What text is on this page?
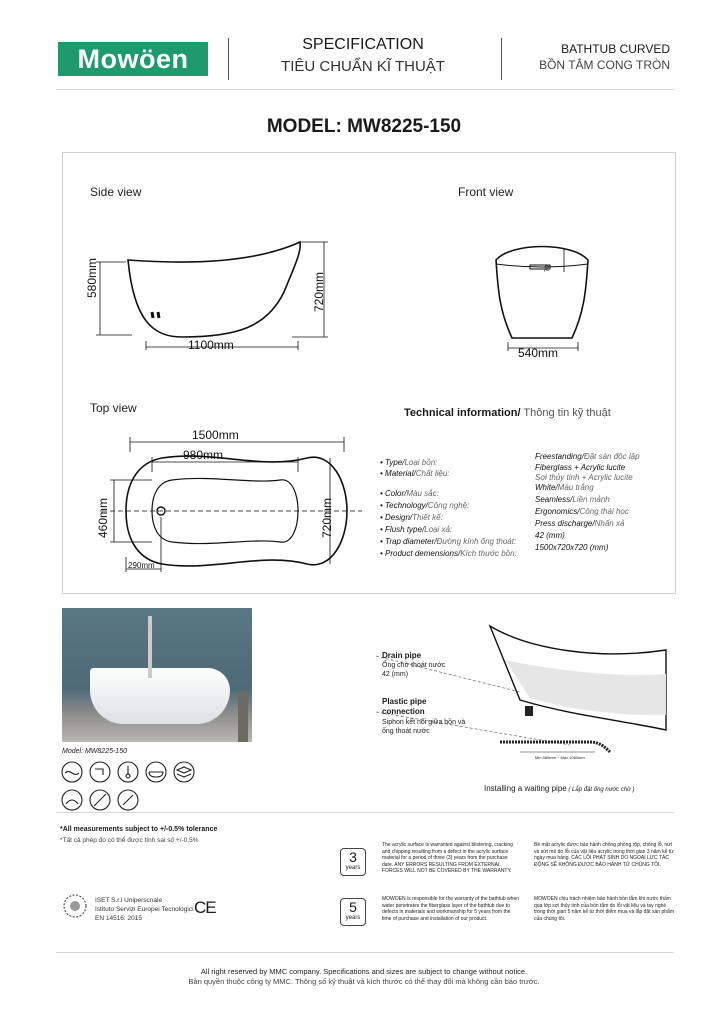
Mowöen	SPECIFICATION
TIÊU CHUẨN KĨ THUẬT
BATHTUB CURVED
BỒN TẮM CONG TRÒN
MODEL: MW8225-150
Side view	Front view
Top view
580mm	720mm
1100mm
70
540mm
1500mm
980mm
460mm	720mm
290mm
Technical information/ Thông tin kỹ thuật
• Type/Loại bồn:
Freestanding/Đặt sàn độc lập
• Material/Chất liệu:
Fiberglass + Acrylic lucite
Sợi thủy tinh + Acrylic lucite
• Color/Màu sắc:
White/Màu trắng
• Technology/Công nghệ:
Seamless/Liền mảnh
• Design/Thiết kế:
Ergonomics/Công thái học
• Flush type/Loại xả:
Press discharge/Nhấn xả
• Trap diameter/Đường kính ống thoát:
42 (mm)
• Product demensions/Kích thước bồn:
1500x720x720 (mm)
Model: MW8225-150
Drain pipe
Ống chờ thoát nước
42 (mm)
Plastic pipe
connection
Siphon kết nối giữa bồn và
ống thoát nước
Min 580mm ~ Max 1060mm
Installing a waiting pipe ( Lắp đặt ống nước chờ )
*All measurements subject to +/-0.5% tolerance
*Tất cả phép đo có thể được tính sai số +/-0,5%
3
years
The acrylic surface is warranted against blistering, cracking and chipping resulting from a defect in the acrylic surface material for a period of three (3) years from the purchase date. ANY ERRORS RESULTING FROM EXTERNAL FORCES WILL NOT BE COVERED BY THE WARRANTY.
Bề mặt acrylic được bảo hành chống phồng rộp, chống lỗ, nứt và sứt mẻ do lỗi của vật liệu acrylic trong thời gian 3 năm kể từ ngày mua hàng. CÁC LỖI PHÁT SINH DO NGOẠI LỰC TÁC ĐỘNG SẼ KHÔNG ĐƯỢC BẢO HÀNH TỪ CHÚNG TÔI.
5
years
MOWOEN is responsible for the warranty of the bathtub when water penetrates the fiberglass layer of the bathtub due to defects in materials and workmanship for 5 years from the time of purchase and installation of our product.
MOWOEN chịu trách nhiệm bảo hành bồn tắm khi nước thấm qua lớp sợi thủy tinh của bồn tắm do lỗi vật liệu và tay nghề trong thời gian 5 năm kể từ thời điểm mua và lắp đặt sản phẩm của chúng tôi.
ISET S.r.l Uniperscnale
Istituto Servizi Europei Tecnologici
EN 14516: 2015
CE
All right reserved by MMC company. Specifications and sizes are subject to change without notice.
Bản quyền thuộc công ty MMC. Thông số kỹ thuật và kích thước có thể thay đổi mà không cần báo trước.
